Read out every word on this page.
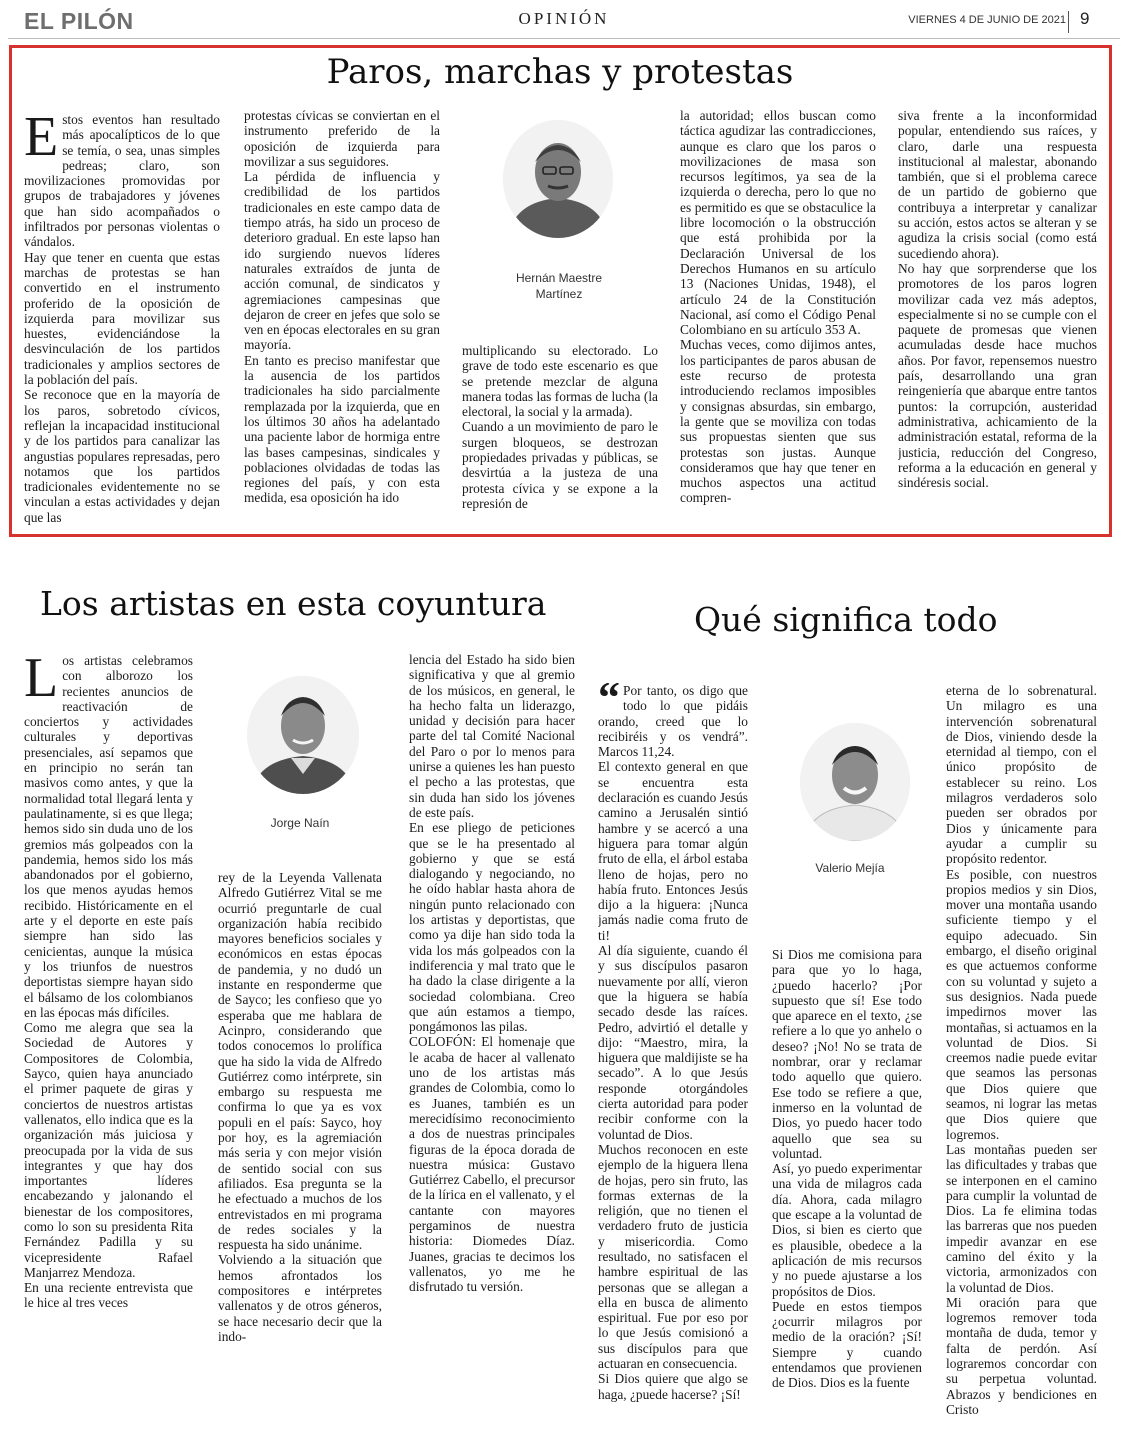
EL PILÓN	OPINIÓN	VIERNES 4 DE JUNIO DE 2021 9
Paros, marchas y protestas
E stos eventos han resultado más apocalípticos de lo que se temía, o sea, unas simples pedreas; claro, son movilizaciones promovidas por grupos de trabajadores y jóvenes que han sido acompañados o infiltrados por personas violentas o vándalos.

Hay que tener en cuenta que estas marchas de protestas se han convertido en el instrumento proferido de la oposición de izquierda para movilizar sus huestes, evidenciándose la desvinculación de los partidos tradicionales y amplios sectores de la población del país.

Se reconoce que en la mayoría de los paros, sobretodo cívicos, reflejan la incapacidad institucional y de los partidos para canalizar las angustias populares represadas, pero notamos que los partidos tradicionales evidentemente no se vinculan a estas actividades y dejan que las

protestas cívicas se conviertan en el instrumento preferido de la oposición de izquierda para movilizar a sus seguidores.

La pérdida de influencia y credibilidad de los partidos tradicionales en este campo data de tiempo atrás, ha sido un proceso de deterioro gradual. En este lapso han ido surgiendo nuevos líderes naturales extraídos de junta de acción comunal, de sindicatos y agremiaciones campesinas que dejaron de creer en jefes que solo se ven en épocas electorales en su gran mayoría.

En tanto es preciso manifestar que la ausencia de los partidos tradicionales ha sido parcialmente remplazada por la izquierda, que en los últimos 30 años ha adelantado una paciente labor de hormiga entre las bases campesinas, sindicales y poblaciones olvidadas de todas las regiones del país, y con esta medida, esa oposición ha ido

Hernán Maestre
Martínez

multiplicando su electorado. Lo grave de todo este escenario es que se pretende mezclar de alguna manera todas las formas de lucha (la electoral, la social y la armada).

Cuando a un movimiento de paro le surgen bloqueos, se destrozan propiedades privadas y públicas, se desvirtúa a la justeza de una protesta cívica y se expone a la represión de

la autoridad; ellos buscan como táctica agudizar las contradicciones, aunque es claro que los paros o movilizaciones de masa son recursos legítimos, ya sea de la izquierda o derecha, pero lo que no es permitido es que se obstaculice la libre locomoción o la obstrucción que está prohibida por la Declaración Universal de los Derechos Humanos en su artículo 13 (Naciones Unidas, 1948), el artículo 24 de la Constitución Nacional, así como el Código Penal Colombiano en su artículo 353 A.

Muchas veces, como dijimos antes, los participantes de paros abusan de este recurso de protesta introduciendo reclamos imposibles y consignas absurdas, sin embargo, la gente que se moviliza con todas sus propuestas sienten que sus protestas son justas. Aunque consideramos que hay que tener en muchos aspectos una actitud compren-

siva frente a la inconformidad popular, entendiendo sus raíces, y claro, darle una respuesta institucional al malestar, abonando también, que si el problema carece de un partido de gobierno que contribuya a interpretar y canalizar su acción, estos actos se alteran y se agudiza la crisis social (como está sucediendo ahora).

No hay que sorprenderse que los promotores de los paros logren movilizar cada vez más adeptos, especialmente si no se cumple con el paquete de promesas que vienen acumuladas desde hace muchos años. Por favor, repensemos nuestro país, desarrollando una gran reingeniería que abarque entre tantos puntos: la corrupción, austeridad administrativa, achicamiento de la administración estatal, reforma de la justicia, reducción del Congreso, reforma a la educación en general y sindéresis social.

Los artistas en esta coyuntura
L os artistas celebramos con alborozo los recientes anuncios de reactivación de conciertos y actividades culturales y deportivas presenciales, así sepamos que en principio no serán tan masivos como antes, y que la normalidad total llegará lenta y paulatinamente, si es que llega; hemos sido sin duda uno de los gremios más golpeados con la pandemia, hemos sido los más abandonados por el gobierno, los que menos ayudas hemos recibido. Históricamente en el arte y el deporte en este país siempre han sido las cenicientas, aunque la música y los triunfos de nuestros deportistas siempre hayan sido el bálsamo de los colombianos en las épocas más difíciles.

Como me alegra que sea la Sociedad de Autores y Compositores de Colombia, Sayco, quien haya anunciado el primer paquete de giras y conciertos de nuestros artistas vallenatos, ello indica que es la organización más juiciosa y preocupada por la vida de sus integrantes y que hay dos importantes líderes encabezando y jalonando el bienestar de los compositores, como lo son su presidenta Rita Fernández Padilla y su vicepresidente Rafael Manjarrez Mendoza.

En una reciente entrevista que le hice al tres veces

Jorge Naín

rey de la Leyenda Vallenata Alfredo Gutiérrez Vital se me ocurrió preguntarle de cual organización había recibido mayores beneficios sociales y económicos en estas épocas de pandemia, y no dudó un instante en responderme que de Sayco; les confieso que yo esperaba que me hablara de Acinpro, considerando que todos conocemos lo prolífica que ha sido la vida de Alfredo Gutiérrez como intérprete, sin embargo su respuesta me confirma lo que ya es vox populi en el país: Sayco, hoy por hoy, es la agremiación más seria y con mejor visión de sentido social con sus afiliados. Esa pregunta se la he efectuado a muchos de los entrevistados en mi programa de redes sociales y la respuesta ha sido unánime.

Volviendo a la situación que hemos afrontados los compositores e intérpretes vallenatos y de otros géneros, se hace necesario decir que la indo-

lencia del Estado ha sido bien significativa y que al gremio de los músicos, en general, le ha hecho falta un liderazgo, unidad y decisión para hacer parte del tal Comité Nacional del Paro o por lo menos para unirse a quienes les han puesto el pecho a las protestas, que sin duda han sido los jóvenes de este país.

En ese pliego de peticiones que se le ha presentado al gobierno y que se está dialogando y negociando, no he oído hablar hasta ahora de ningún punto relacionado con los artistas y deportistas, que como ya dije han sido toda la vida los más golpeados con la indiferencia y mal trato que le ha dado la clase dirigente a la sociedad colombiana. Creo que aún estamos a tiempo, pongámonos las pilas.

COLOFÓN: El homenaje que le acaba de hacer al vallenato uno de los artistas más grandes de Colombia, como lo es Juanes, también es un merecidísimo reconocimiento a dos de nuestras principales figuras de la época dorada de nuestra música: Gustavo Gutiérrez Cabello, el precursor de la lírica en el vallenato, y el cantante con mayores pergaminos de nuestra historia: Diomedes Díaz. Juanes, gracias te decimos los vallenatos, yo me he disfrutado tu versión.

Qué significa todo
“ Por tanto, os digo que todo lo que pidáis orando, creed que lo recibiréis y os vendrá”. Marcos 11,24.

El contexto general en que se encuentra esta declaración es cuando Jesús camino a Jerusalén sintió hambre y se acercó a una higuera para tomar algún fruto de ella, el árbol estaba lleno de hojas, pero no había fruto. Entonces Jesús dijo a la higuera: ¡Nunca jamás nadie coma fruto de ti!

Al día siguiente, cuando él y sus discípulos pasaron nuevamente por allí, vieron que la higuera se había secado desde las raíces. Pedro, advirtió el detalle y dijo: “Maestro, mira, la higuera que maldijiste se ha secado”. A lo que Jesús responde otorgándoles cierta autoridad para poder recibir conforme con la voluntad de Dios.

Muchos reconocen en este ejemplo de la higuera llena de hojas, pero sin fruto, las formas externas de la religión, que no tienen el verdadero fruto de justicia y misericordia. Como resultado, no satisfacen el hambre espiritual de las personas que se allegan a ella en busca de alimento espiritual. Fue por eso por lo que Jesús comisionó a sus discípulos para que actuaran en consecuencia.

Si Dios quiere que algo se haga, ¿puede hacerse? ¡Sí!

Valerio Mejía

Si Dios me comisiona para para que yo lo haga, ¿puedo hacerlo? ¡Por supuesto que sí! Ese todo que aparece en el texto, ¿se refiere a lo que yo anhelo o deseo? ¡No! No se trata de nombrar, orar y reclamar todo aquello que quiero. Ese todo se refiere a que, inmerso en la voluntad de Dios, yo puedo hacer todo aquello que sea su voluntad.

Así, yo puedo experimentar una vida de milagros cada día. Ahora, cada milagro que escape a la voluntad de Dios, si bien es cierto que es plausible, obedece a la aplicación de mis recursos y no puede ajustarse a los propósitos de Dios.

Puede en estos tiempos ¿ocurrir milagros por medio de la oración? ¡Sí! Siempre y cuando entendamos que provienen de Dios. Dios es la fuente

eterna de lo sobrenatural. Un milagro es una intervención sobrenatural de Dios, viniendo desde la eternidad al tiempo, con el único propósito de establecer su reino. Los milagros verdaderos solo pueden ser obrados por Dios y únicamente para ayudar a cumplir su propósito redentor.

Es posible, con nuestros propios medios y sin Dios, mover una montaña usando suficiente tiempo y el equipo adecuado. Sin embargo, el diseño original es que actuemos conforme con su voluntad y sujeto a sus designios. Nada puede impedirnos mover las montañas, si actuamos en la voluntad de Dios. Si creemos nadie puede evitar que seamos las personas que Dios quiere que seamos, ni lograr las metas que Dios quiere que logremos.

Las montañas pueden ser las dificultades y trabas que se interponen en el camino para cumplir la voluntad de Dios. La fe elimina todas las barreras que nos pueden impedir avanzar en ese camino del éxito y la victoria, armonizados con la voluntad de Dios.

Mi oración para que logremos remover toda montaña de duda, temor y falta de perdón. Así lograremos concordar con su perpetua voluntad. Abrazos y bendiciones en Cristo
